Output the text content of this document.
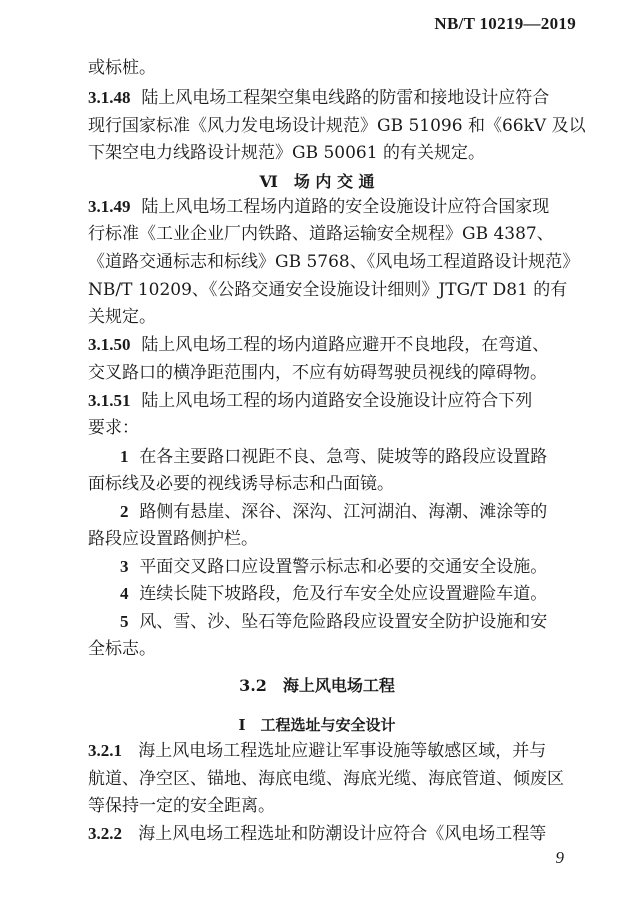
NB/T 10219—2019
或标桩。
3.1.48 陆上风电场工程架空集电线路的防雷和接地设计应符合
现行国家标准《风力发电场设计规范》GB 51096 和《66kV 及以
下架空电力线路设计规范》GB 50061 的有关规定。
Ⅵ　场 内 交 通
3.1.49 陆上风电场工程场内道路的安全设施设计应符合国家现
行标准《工业企业厂内铁路、道路运输安全规程》GB 4387、
《道路交通标志和标线》GB 5768、《风电场工程道路设计规范》
NB/T 10209、《公路交通安全设施设计细则》JTG/T D81 的有
关规定。
3.1.50 陆上风电场工程的场内道路应避开不良地段，在弯道、
交叉路口的横净距范围内，不应有妨碍驾驶员视线的障碍物。
3.1.51 陆上风电场工程的场内道路安全设施设计应符合下列
要求：
1 在各主要路口视距不良、急弯、陡坡等的路段应设置路
面标线及必要的视线诱导标志和凸面镜。
2 路侧有悬崖、深谷、深沟、江河湖泊、海潮、滩涂等的
路段应设置路侧护栏。
3 平面交叉路口应设置警示标志和必要的交通安全设施。
4 连续长陡下坡路段，危及行车安全处应设置避险车道。
5 风、雪、沙、坠石等危险路段应设置安全防护设施和安
全标志。
3.2　海上风电场工程
Ⅰ　工程选址与安全设计
3.2.1 海上风电场工程选址应避让军事设施等敏感区域，并与
航道、净空区、锚地、海底电缆、海底光缆、海底管道、倾废区
等保持一定的安全距离。
3.2.2 海上风电场工程选址和防潮设计应符合《风电场工程等
9
